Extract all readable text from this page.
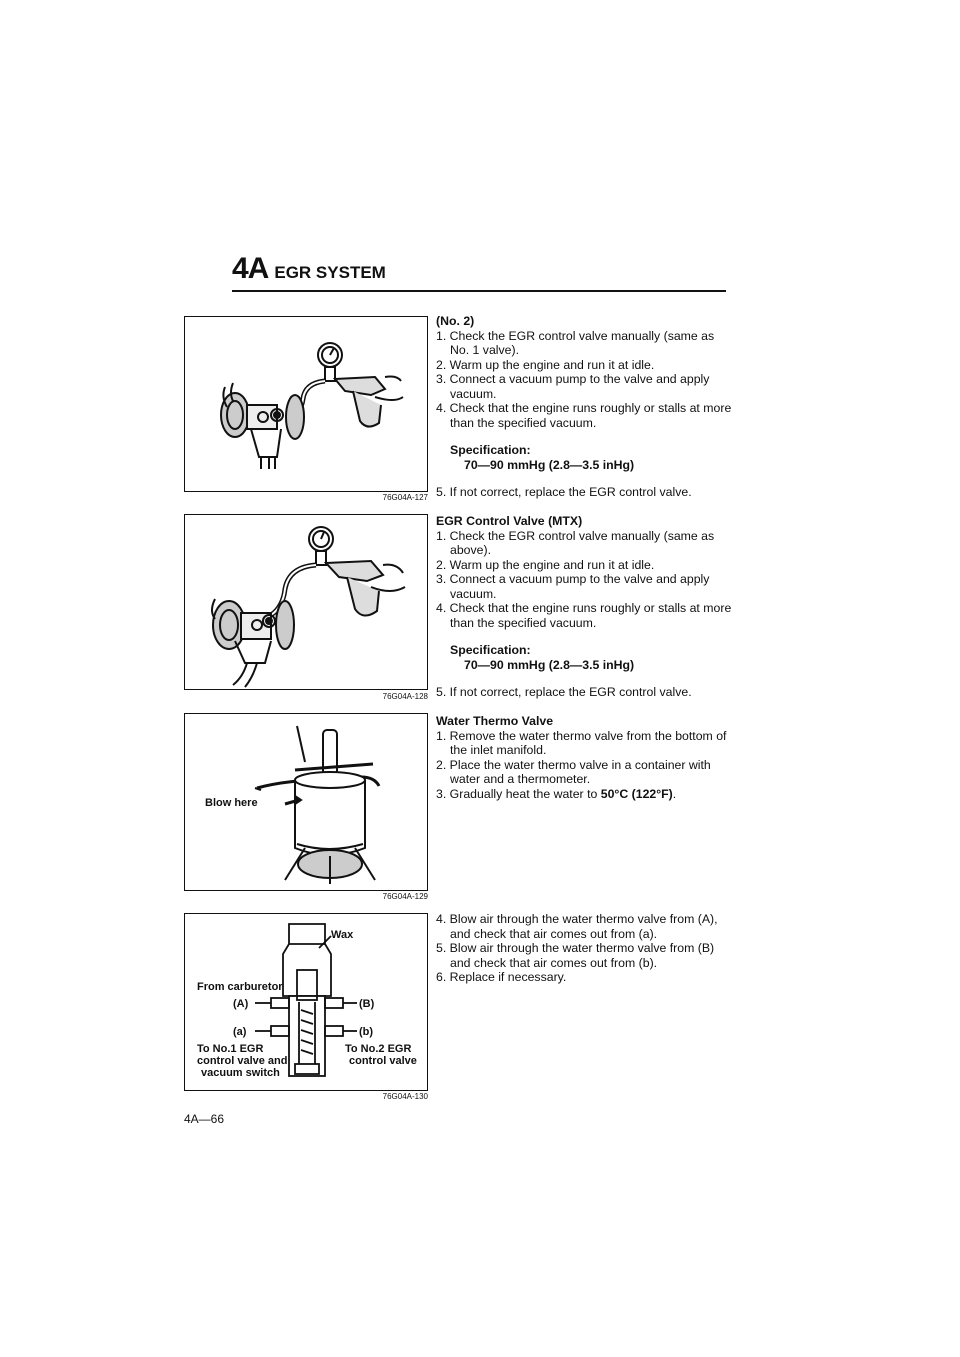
4A EGR SYSTEM
76G04A-127
76G04A-128
Blow here
76G04A-129
Wax
From carburetor
(A)	(B)
(a)	(b)
To No.1 EGR
control valve and
vacuum switch
To No.2 EGR
control valve
76G04A-130
(No. 2)
1. Check the EGR control valve manually (same as No. 1 valve).
2. Warm up the engine and run it at idle.
3. Connect a vacuum pump to the valve and apply vacuum.
4. Check that the engine runs roughly or stalls at more than the specified vacuum.
Specification:
70—90 mmHg (2.8—3.5 inHg)
5. If not correct, replace the EGR control valve.
EGR Control Valve (MTX)
1. Check the EGR control valve manually (same as above).
2. Warm up the engine and run it at idle.
3. Connect a vacuum pump to the valve and apply vacuum.
4. Check that the engine runs roughly or stalls at more than the specified vacuum.
Specification:
70—90 mmHg (2.8—3.5 inHg)
5. If not correct, replace the EGR control valve.
Water Thermo Valve
1. Remove the water thermo valve from the bottom of the inlet manifold.
2. Place the water thermo valve in a container with water and a thermometer.
3. Gradually heat the water to 50°C (122°F).
4. Blow air through the water thermo valve from (A), and check that air comes out from (a).
5. Blow air through the water thermo valve from (B) and check that air comes out from (b).
6. Replace if necessary.
4A—66
